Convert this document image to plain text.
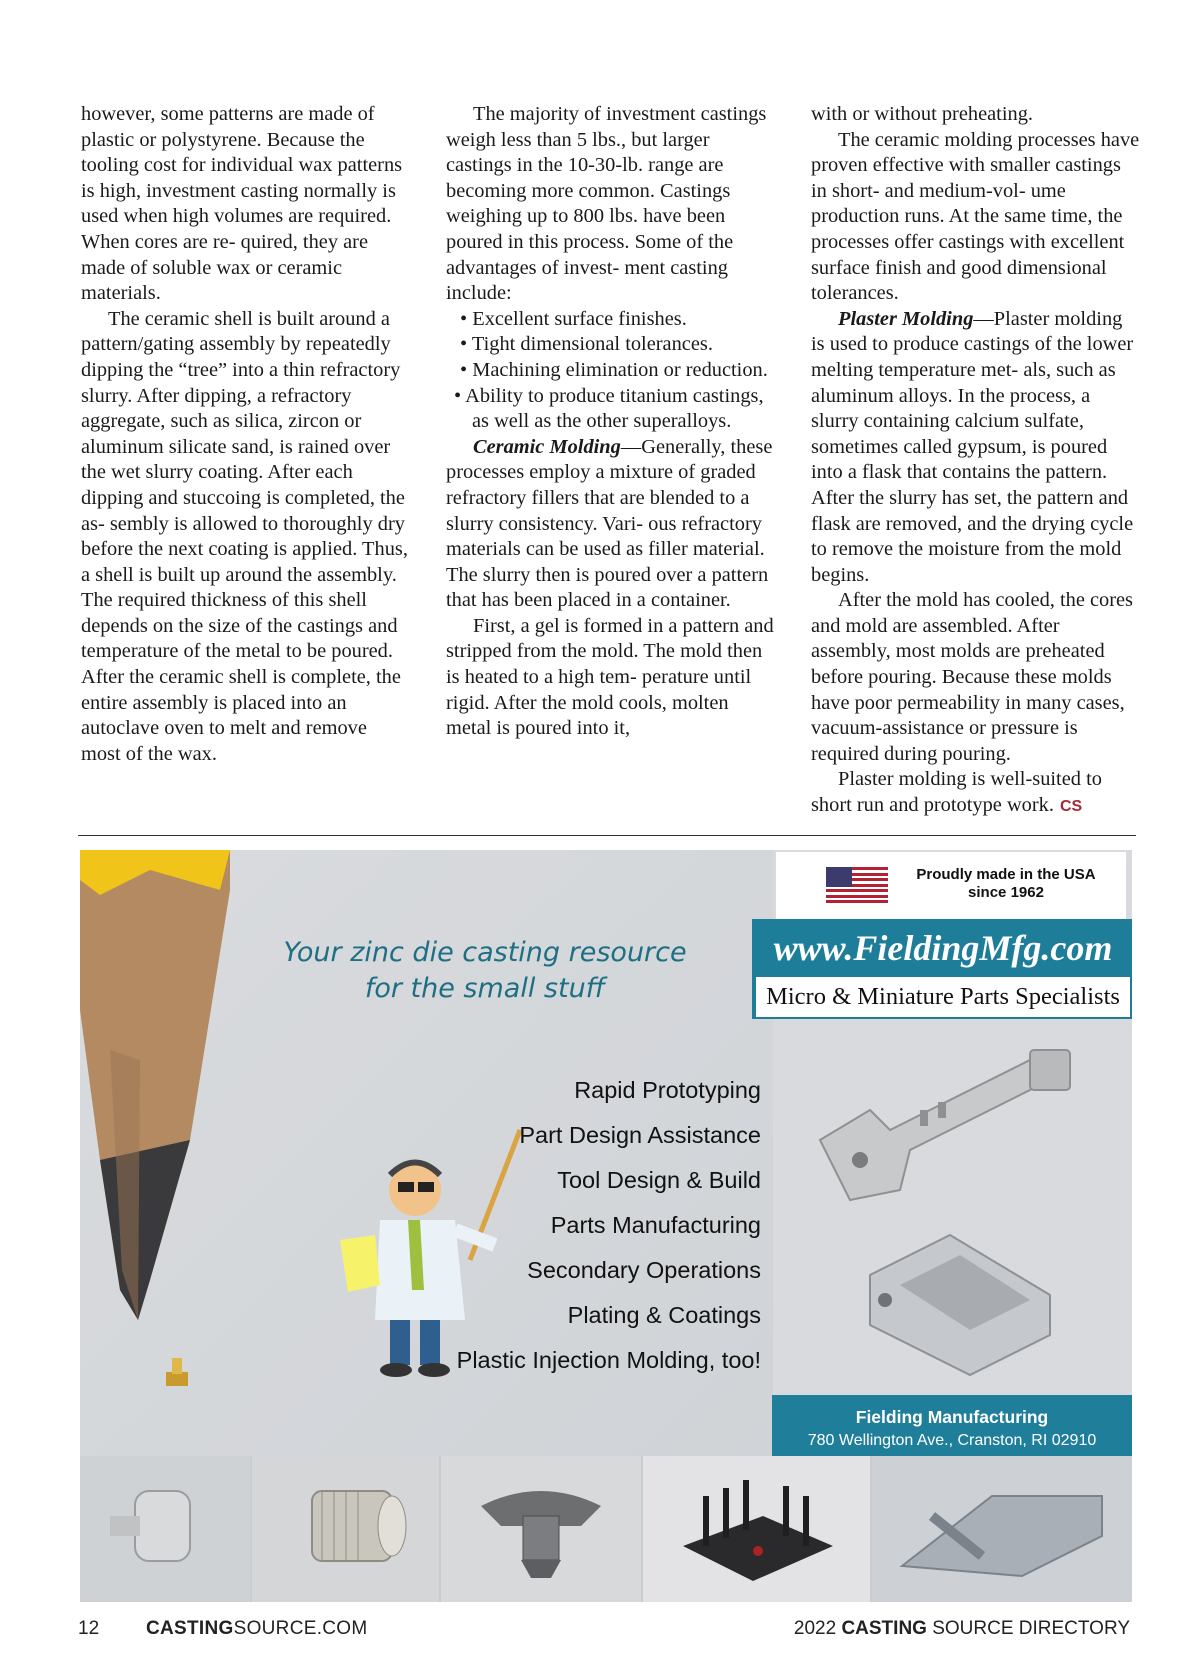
however, some patterns are made of plastic or polystyrene. Because the tooling cost for individual wax patterns is high, investment casting normally is used when high volumes are required. When cores are re- quired, they are made of soluble wax or ceramic materials.

The ceramic shell is built around a pattern/gating assembly by repeatedly dipping the “tree” into a thin refractory slurry. After dipping, a refractory aggregate, such as silica, zircon or aluminum silicate sand, is rained over the wet slurry coating. After each dipping and stuccoing is completed, the as- sembly is allowed to thoroughly dry before the next coating is applied. Thus, a shell is built up around the assembly. The required thickness of this shell depends on the size of the castings and temperature of the metal to be poured. After the ceramic shell is complete, the entire assembly is placed into an autoclave oven to melt and remove most of the wax.

The majority of investment castings weigh less than 5 lbs., but larger castings in the 10-30-lb. range are becoming more common. Castings weighing up to 800 lbs. have been poured in this process. Some of the advantages of invest- ment casting include:

• Excellent surface finishes.

• Tight dimensional tolerances.

• Machining elimination or reduction.

• Ability to produce titanium castings, as well as the other superalloys.

Ceramic Molding—Generally, these processes employ a mixture of graded refractory fillers that are blended to a slurry consistency. Vari- ous refractory materials can be used as filler material. The slurry then is poured over a pattern that has been placed in a container.

First, a gel is formed in a pattern and stripped from the mold. The mold then is heated to a high tem- perature until rigid. After the mold cools, molten metal is poured into it,

with or without preheating.

The ceramic molding processes have proven effective with smaller castings in short- and medium-vol- ume production runs. At the same time, the processes offer castings with excellent surface finish and good dimensional tolerances.

Plaster Molding—Plaster molding is used to produce castings of the lower melting temperature met- als, such as aluminum alloys. In the process, a slurry containing calcium sulfate, sometimes called gypsum, is poured into a flask that contains the pattern. After the slurry has set, the pattern and flask are removed, and the drying cycle to remove the moisture from the mold begins.

After the mold has cooled, the cores and mold are assembled. After assembly, most molds are preheated before pouring. Because these molds have poor permeability in many cases, vacuum-assistance or pressure is required during pouring.

Plaster molding is well-suited to short run and prototype work. CS

Your zinc die casting resource
for the small stuff
Rapid Prototyping
Part Design Assistance
Tool Design & Build
Parts Manufacturing
Secondary Operations
Plating & Coatings
Plastic Injection Molding, too!
Proudly made in the USA
since 1962
www.FieldingMfg.com
Micro & Miniature Parts Specialists
Fielding Manufacturing
780 Wellington Ave., Cranston, RI 02910
12 CASTINGSOURCE.COM	2022 CASTING SOURCE DIRECTORY
